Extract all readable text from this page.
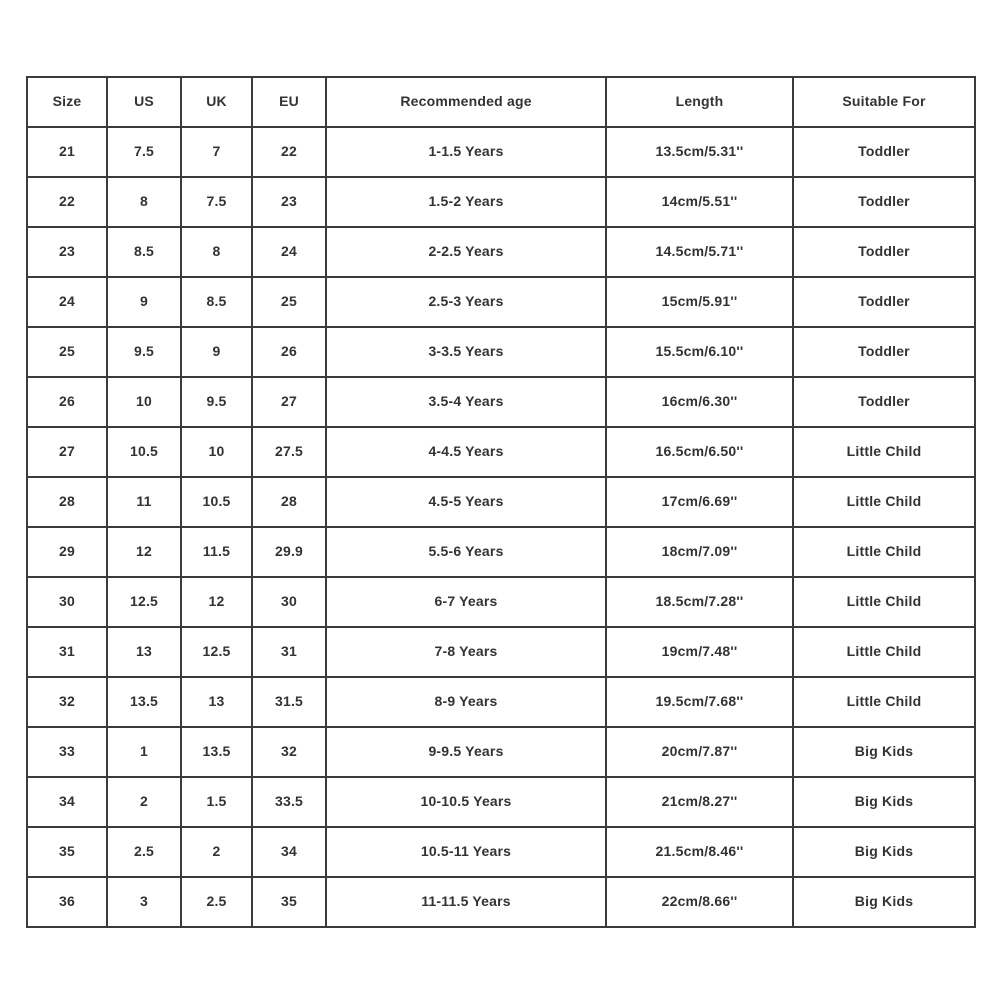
Size	US	UK	EU	Recommended age	Length	Suitable For
21	7.5	7	22	1-1.5 Years	13.5cm/5.31''	Toddler
22	8	7.5	23	1.5-2 Years	14cm/5.51''	Toddler
23	8.5	8	24	2-2.5 Years	14.5cm/5.71''	Toddler
24	9	8.5	25	2.5-3 Years	15cm/5.91''	Toddler
25	9.5	9	26	3-3.5 Years	15.5cm/6.10''	Toddler
26	10	9.5	27	3.5-4 Years	16cm/6.30''	Toddler
27	10.5	10	27.5	4-4.5 Years	16.5cm/6.50''	Little Child
28	11	10.5	28	4.5-5 Years	17cm/6.69''	Little Child
29	12	11.5	29.9	5.5-6 Years	18cm/7.09''	Little Child
30	12.5	12	30	6-7 Years	18.5cm/7.28''	Little Child
31	13	12.5	31	7-8 Years	19cm/7.48''	Little Child
32	13.5	13	31.5	8-9 Years	19.5cm/7.68''	Little Child
33	1	13.5	32	9-9.5 Years	20cm/7.87''	Big Kids
34	2	1.5	33.5	10-10.5 Years	21cm/8.27''	Big Kids
35	2.5	2	34	10.5-11 Years	21.5cm/8.46''	Big Kids
36	3	2.5	35	11-11.5 Years	22cm/8.66''	Big Kids
